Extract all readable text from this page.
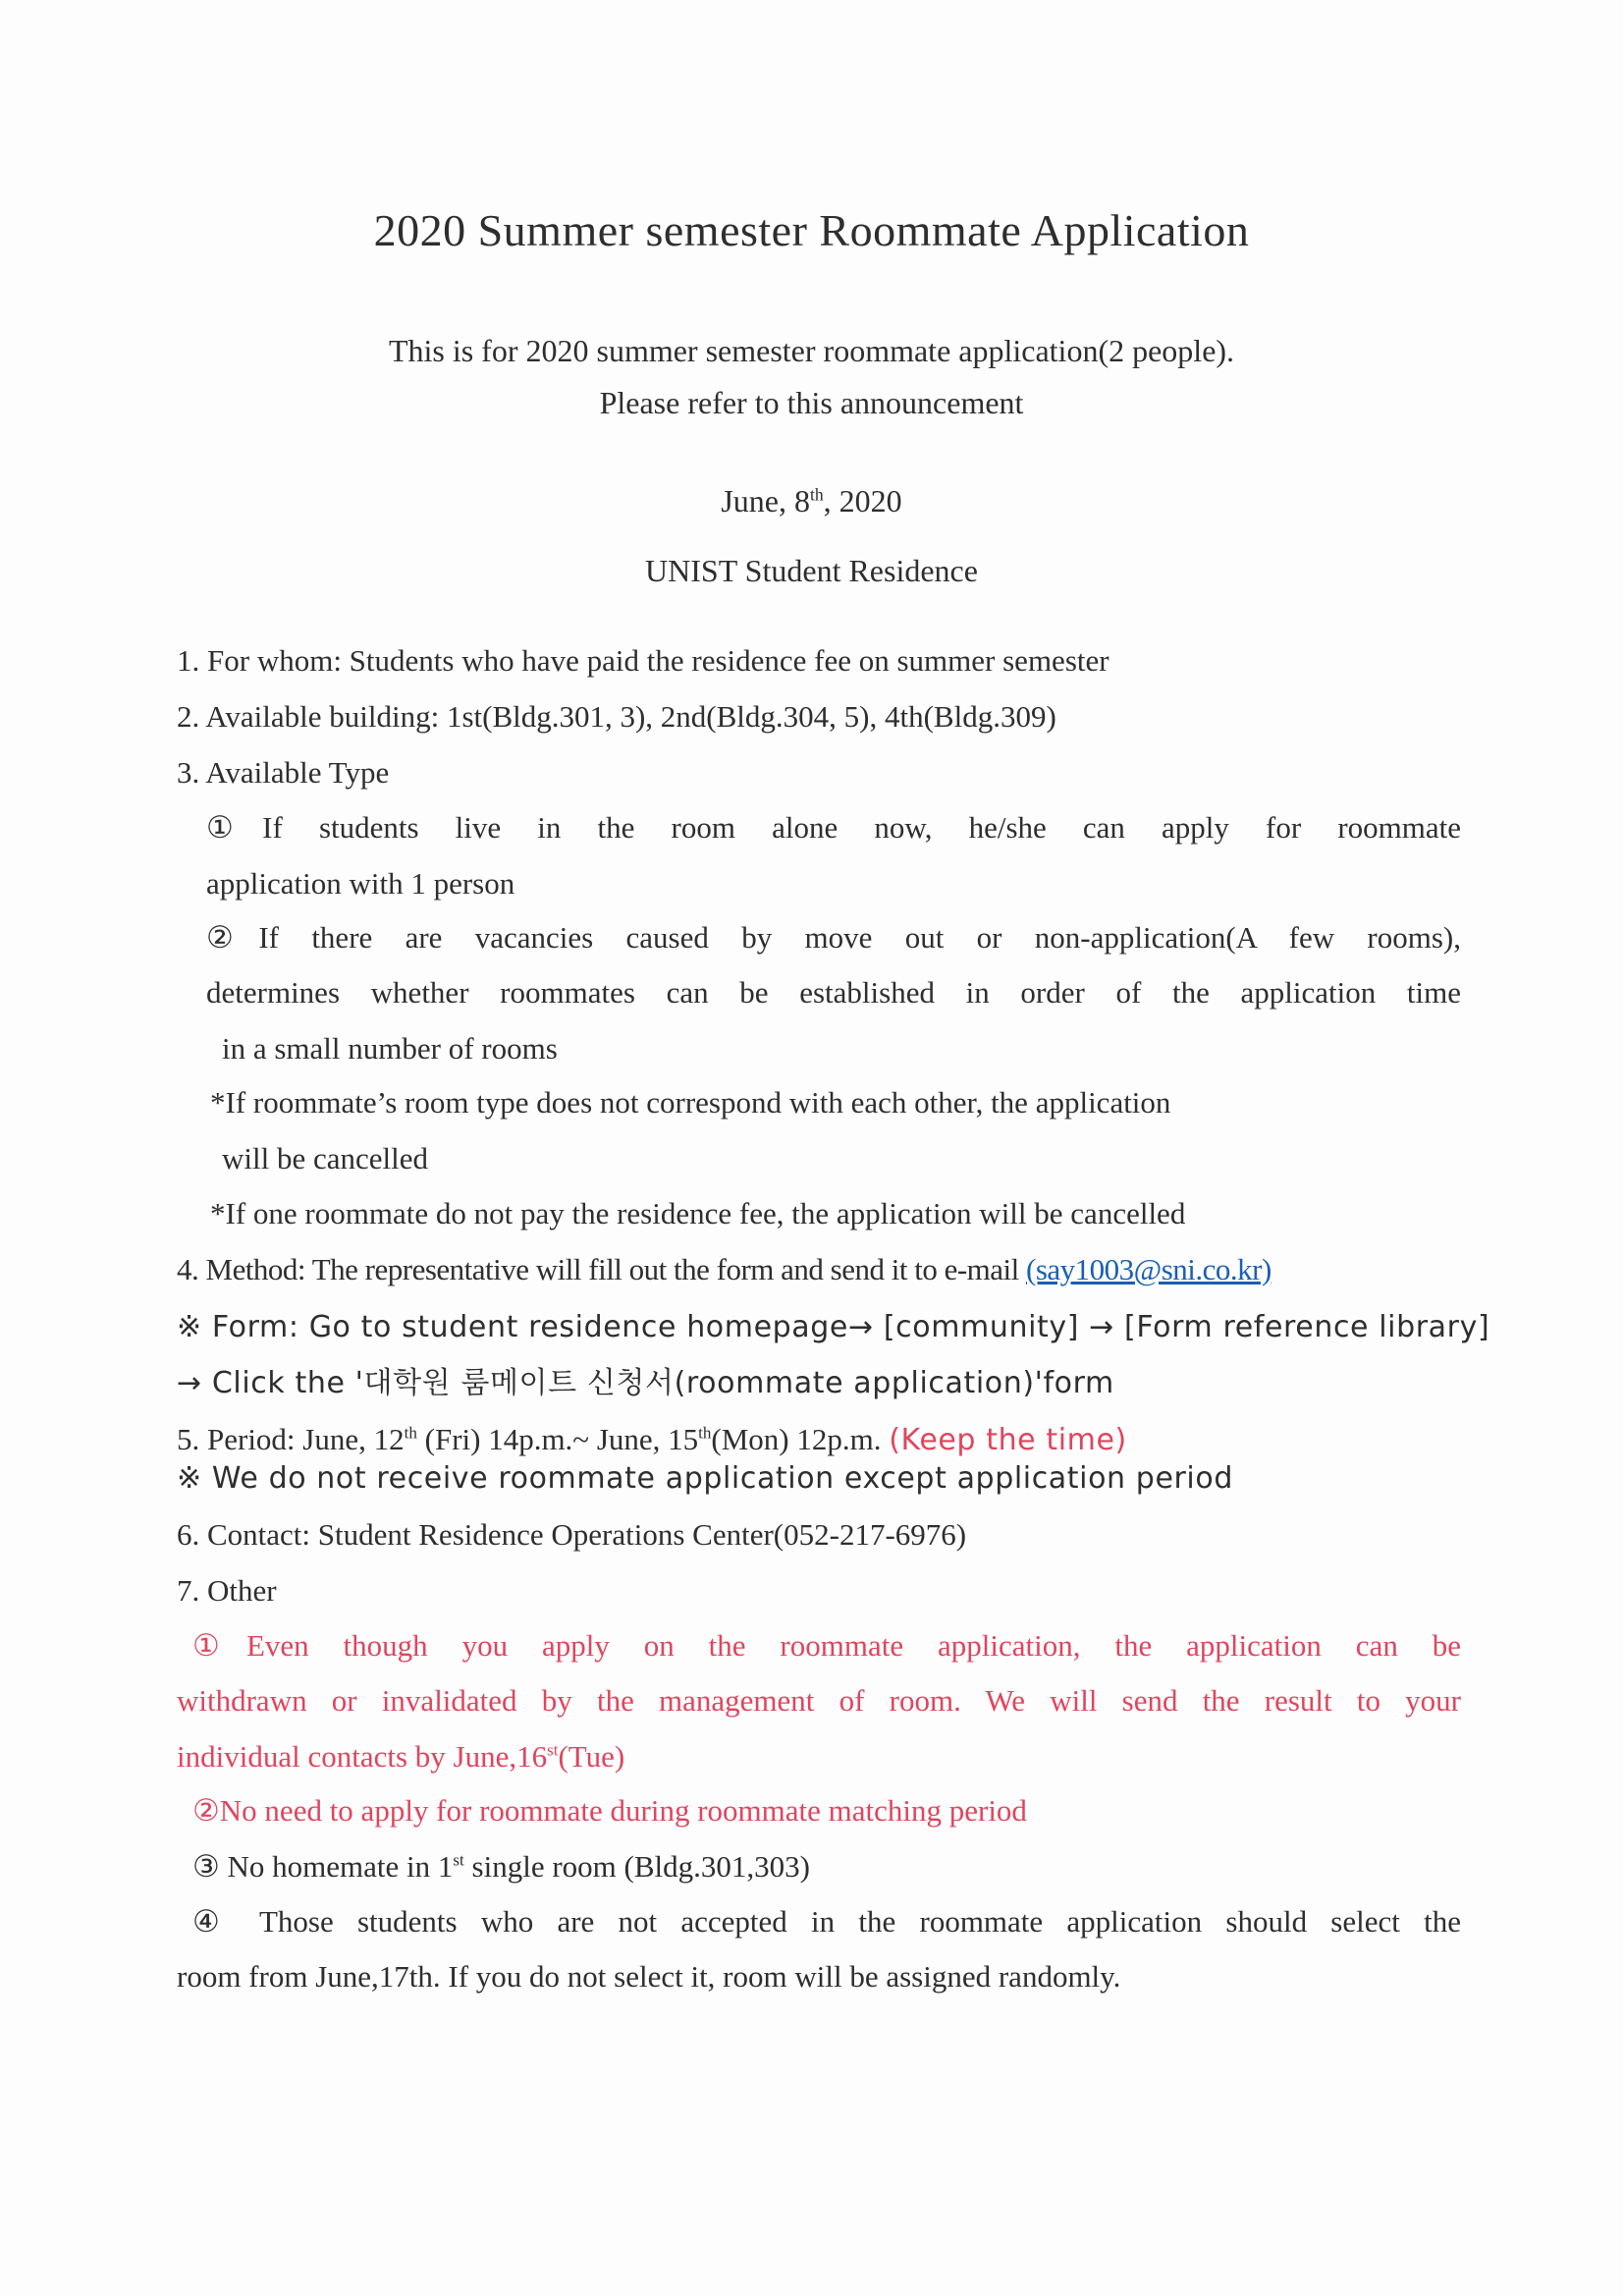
2020 Summer semester Roommate Application
This is for 2020 summer semester roommate application(2 people).
Please refer to this announcement
June, 8th, 2020
UNIST Student Residence
1. For whom: Students who have paid the residence fee on summer semester
2. Available building: 1st(Bldg.301, 3), 2nd(Bldg.304, 5), 4th(Bldg.309)
3. Available Type
①If students live in the room alone now, he/she can apply for roommate
application with 1 person
②If there are vacancies caused by move out or non-application(A few rooms),
determines whether roommates can be established in order of the application time
in a small number of rooms
*If roommate’s room type does not correspond with each other, the application
will be cancelled
*If one roommate do not pay the residence fee, the application will be cancelled
4. Method: The representative will fill out the form and send it to e-mail (say1003@sni.co.kr)
※ Form: Go to student residence homepage→ [community] → [Form reference library]
→ Click the '대학원 룸메이트 신청서(roommate application)'form
5. Period: June, 12th (Fri) 14p.m.~ June, 15th(Mon) 12p.m. (Keep the time)
※ We do not receive roommate application except application period
6. Contact: Student Residence Operations Center(052-217-6976)
7. Other
①Even though you apply on the roommate application, the application can be
withdrawn or invalidated by the management of room. We will send the result to your
individual contacts by June,16st(Tue)
②No need to apply for roommate during roommate matching period
③ No homemate in 1st single room (Bldg.301,303)
④ Those students who are not accepted in the roommate application should select the
room from June,17th. If you do not select it, room will be assigned randomly.
